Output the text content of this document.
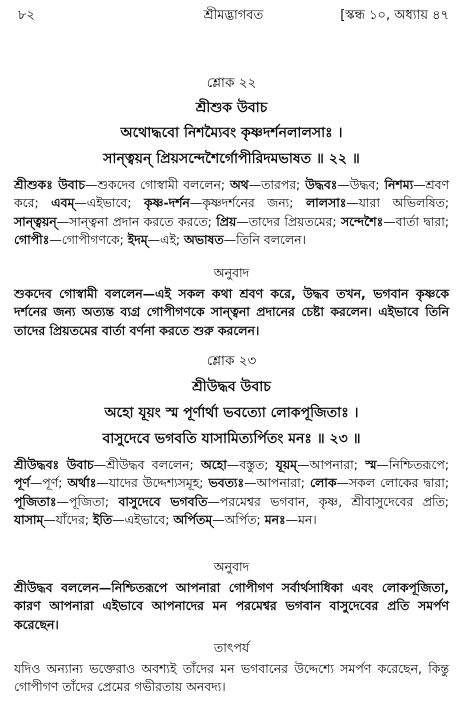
৮২	শ্রীমদ্ভাগবত	[স্কন্ধ ১০, অধ্যায় ৪৭
শ্লোক ২২
শ্রীশুক উবাচ
অথোদ্ধবো নিশম্যৈবং কৃষ্ণদর্শনলালসাঃ ।
সান্ত্বয়ন্ প্রিয়সন্দেশৈর্গোপীরিদমভাষত ॥ ২২ ॥
শ্রীশুকঃ উবাচ—শুকদেব গোস্বামী বললেন; অথ—তারপর; উদ্ধবঃ—উদ্ধব; নিশম্য—শ্রবণ করে; এবম্—এইভাবে; কৃষ্ণ-দর্শন—কৃষ্ণদর্শনের জন্য; লালসাঃ—যারা অভিলষিত; সান্ত্বয়ন্—সান্ত্বনা প্রদান করতে করতে; প্রিয়—তাদের প্রিয়তমের; সন্দেশৈঃ—বার্তা দ্বারা; গোপীঃ—গোপীগণকে; ইদম্—এই; অভাষত—তিনি বললেন।
অনুবাদ
শুকদেব গোস্বামী বললেন—এই সকল কথা শ্রবণ করে, উদ্ধব তখন, ভগবান কৃষ্ণকে দর্শনের জন্য অত্যন্ত ব্যগ্র গোপীগণকে সান্ত্বনা প্রদানের চেষ্টা করলেন। এইভাবে তিনি তাদের প্রিয়তমের বার্তা বর্ণনা করতে শুরু করলেন।
শ্লোক ২৩
শ্রীউদ্ধব উবাচ
অহো যূয়ং স্ম পূর্ণার্থা ভবত্যো লোকপূজিতাঃ ।
বাসুদেবে ভগবতি যাসামিত্যর্পিতং মনঃ ॥ ২৩ ॥
শ্রীউদ্ধবঃ উবাচ—শ্রীউদ্ধব বললেন; অহো—বস্তুত; যূয়ম্—আপনারা; স্ম—নিশ্চিতরূপে; পূর্ণ—পূর্ণ; অর্থাঃ—যাদের উদ্দেশ্যসমূহ; ভবত্যঃ—আপনারা; লোক—সকল লোকের দ্বারা; পূজিতাঃ—পূজিতা; বাসুদেবে ভগবতি—পরমেশ্বর ভগবান, কৃষ্ণ, শ্রীবাসুদেবের প্রতি; যাসাম্—যাঁদের; ইতি—এইভাবে; অর্পিতম্—অর্পিত; মনঃ—মন।
অনুবাদ
শ্রীউদ্ধব বললেন—নিশ্চিতরূপে আপনারা গোপীগণ সর্বার্থসাধিকা এবং লোকপূজিতা, কারণ আপনারা এইভাবে আপনাদের মন পরমেশ্বর ভগবান বাসুদেবের প্রতি সমর্পণ করেছেন।
তাৎপর্য
যদিও অন্যান্য ভক্তেরাও অবশ্যই তাঁদের মন ভগবানের উদ্দেশ্যে সমর্পণ করেছেন, কিন্তু গোপীগণ তাঁদের প্রেমের গভীরতায় অনবদ্য।
